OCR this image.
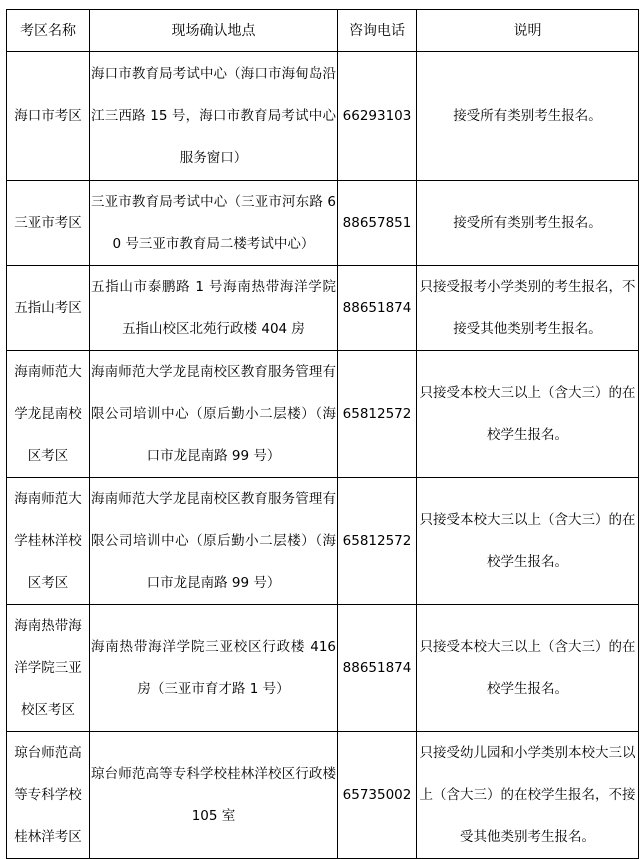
考区名称	现场确认地点	咨询电话	说明
海口市考区	海口市教育局考试中心（海口市海甸岛沿江三西路 15 号，海口市教育局考试中心服务窗口）	66293103	接受所有类别考生报名。
三亚市考区	三亚市教育局考试中心（三亚市河东路 60 号三亚市教育局二楼考试中心）	88657851	接受所有类别考生报名。
五指山考区	五指山市泰鹏路 1 号海南热带海洋学院五指山校区北苑行政楼 404 房	88651874	只接受报考小学类别的考生报名，不接受其他类别考生报名。
海南师范大学龙昆南校区考区	海南师范大学龙昆南校区教育服务管理有限公司培训中心（原后勤小二层楼）（海口市龙昆南路 99 号）	65812572	只接受本校大三以上（含大三）的在校学生报名。
海南师范大学桂林洋校区考区	海南师范大学龙昆南校区教育服务管理有限公司培训中心（原后勤小二层楼）（海口市龙昆南路 99 号）	65812572	只接受本校大三以上（含大三）的在校学生报名。
海南热带海洋学院三亚校区考区	海南热带海洋学院三亚校区行政楼 416 房（三亚市育才路 1 号）	88651874	只接受本校大三以上（含大三）的在校学生报名。
琼台师范高等专科学校桂林洋考区	琼台师范高等专科学校桂林洋校区行政楼 105 室	65735002	只接受幼儿园和小学类别本校大三以上（含大三）的在校学生报名，不接受其他类别考生报名。
